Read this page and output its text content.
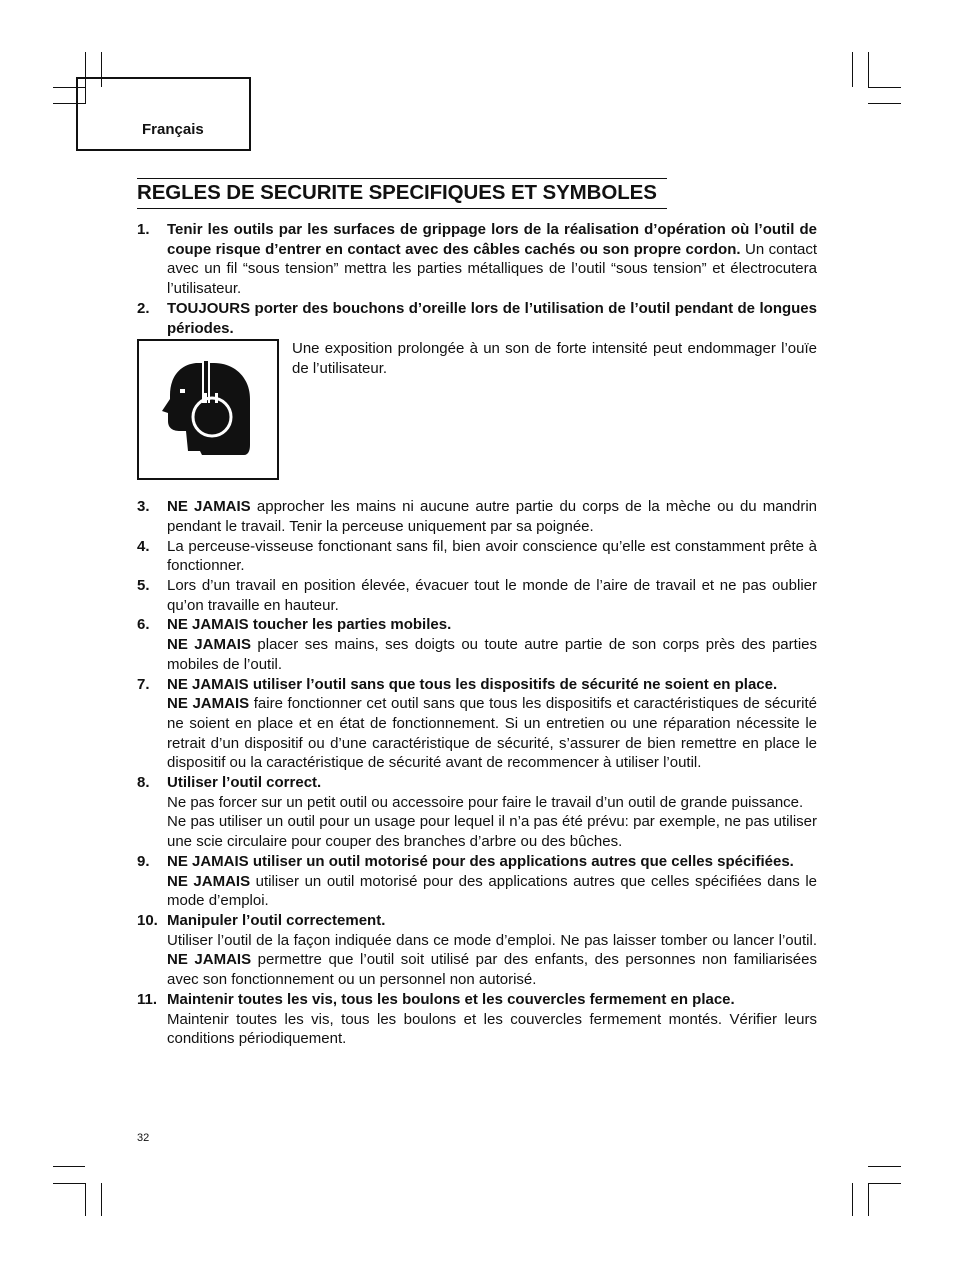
Français
REGLES DE SECURITE SPECIFIQUES ET SYMBOLES
1. Tenir les outils par les surfaces de grippage lors de la réalisation d’opération où l’outil de coupe risque d’entrer en contact avec des câbles cachés ou son propre cordon. Un contact avec un fil “sous tension” mettra les parties métalliques de l’outil “sous tension” et électrocutera l’utilisateur.

2. TOUJOURS porter des bouchons d’oreille lors de l’utilisation de l’outil pendant de longues périodes.

Une exposition prolongée à un son de forte intensité peut endommager l’ouïe de l’utilisateur.

3. NE JAMAIS approcher les mains ni aucune autre partie du corps de la mèche ou du mandrin pendant le travail. Tenir la perceuse uniquement par sa poignée.

4. La perceuse-visseuse fonctionant sans fil, bien avoir conscience qu’elle est constamment prête à fonctionner.

5. Lors d’un travail en position élevée, évacuer tout le monde de l’aire de travail et ne pas oublier qu’on travaille en hauteur.

6. NE JAMAIS toucher les parties mobiles.

NE JAMAIS placer ses mains, ses doigts ou toute autre partie de son corps près des parties mobiles de l’outil.

7. NE JAMAIS utiliser l’outil sans que tous les dispositifs de sécurité ne soient en place.

NE JAMAIS faire fonctionner cet outil sans que tous les dispositifs et caractéristiques de sécurité ne soient en place et en état de fonctionnement. Si un entretien ou une réparation nécessite le retrait d’un dispositif ou d’une caractéristique de sécurité, s’assurer de bien remettre en place le dispositif ou la caractéristique de sécurité avant de recommencer à utiliser l’outil.

8. Utiliser l’outil correct.

Ne pas forcer sur un petit outil ou accessoire pour faire le travail d’un outil de grande puissance.

Ne pas utiliser un outil pour un usage pour lequel il n’a pas été prévu: par exemple, ne pas utiliser une scie circulaire pour couper des branches d’arbre ou des bûches.

9. NE JAMAIS utiliser un outil motorisé pour des applications autres que celles spécifiées.

NE JAMAIS utiliser un outil motorisé pour des applications autres que celles spécifiées dans le mode d’emploi.

10. Manipuler l’outil correctement.

Utiliser l’outil de la façon indiquée dans ce mode d’emploi. Ne pas laisser tomber ou lancer l’outil. NE JAMAIS permettre que l’outil soit utilisé par des enfants, des personnes non familiarisées avec son fonctionnement ou un personnel non autorisé.

11. Maintenir toutes les vis, tous les boulons et les couvercles fermement en place.

Maintenir toutes les vis, tous les boulons et les couvercles fermement montés. Vérifier leurs conditions périodiquement.

32
